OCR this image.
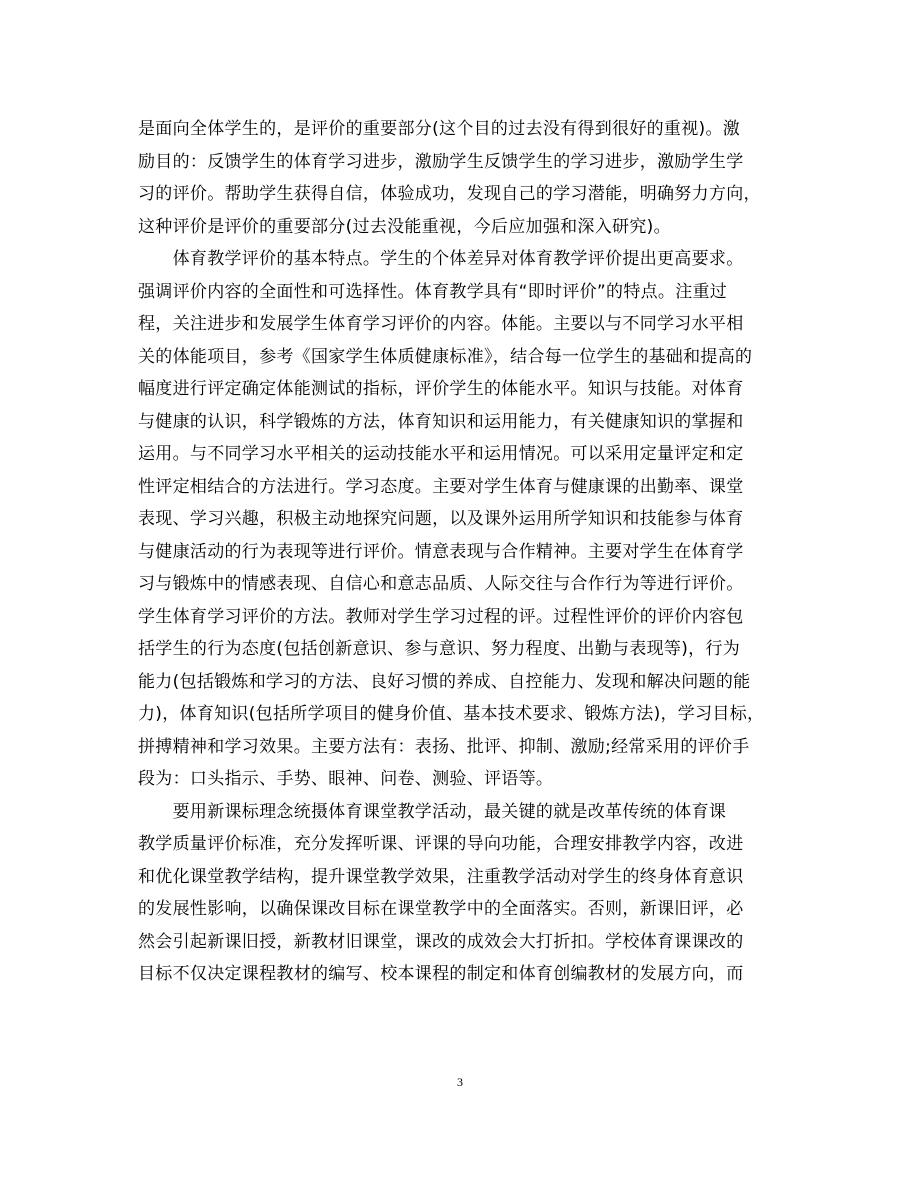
是面向全体学生的，是评价的重要部分(这个目的过去没有得到很好的重视)。激
励目的：反馈学生的体育学习进步，激励学生反馈学生的学习进步，激励学生学
习的评价。帮助学生获得自信，体验成功，发现自己的学习潜能，明确努力方向，
这种评价是评价的重要部分(过去没能重视，今后应加强和深入研究)。
　　体育教学评价的基本特点。学生的个体差异对体育教学评价提出更高要求。
强调评价内容的全面性和可选择性。体育教学具有“即时评价”的特点。注重过
程，关注进步和发展学生体育学习评价的内容。体能。主要以与不同学习水平相
关的体能项目，参考《国家学生体质健康标准》，结合每一位学生的基础和提高的
幅度进行评定确定体能测试的指标，评价学生的体能水平。知识与技能。对体育
与健康的认识，科学锻炼的方法，体育知识和运用能力，有关健康知识的掌握和
运用。与不同学习水平相关的运动技能水平和运用情况。可以采用定量评定和定
性评定相结合的方法进行。学习态度。主要对学生体育与健康课的出勤率、课堂
表现、学习兴趣，积极主动地探究问题，以及课外运用所学知识和技能参与体育
与健康活动的行为表现等进行评价。情意表现与合作精神。主要对学生在体育学
习与锻炼中的情感表现、自信心和意志品质、人际交往与合作行为等进行评价。
学生体育学习评价的方法。教师对学生学习过程的评。过程性评价的评价内容包
括学生的行为态度(包括创新意识、参与意识、努力程度、出勤与表现等)，行为
能力(包括锻炼和学习的方法、良好习惯的养成、自控能力、发现和解决问题的能
力)，体育知识(包括所学项目的健身价值、基本技术要求、锻炼方法)，学习目标，
拼搏精神和学习效果。主要方法有：表扬、批评、抑制、激励;经常采用的评价手
段为：口头指示、手势、眼神、问卷、测验、评语等。
　　要用新课标理念统摄体育课堂教学活动，最关键的就是改革传统的体育课
教学质量评价标准，充分发挥听课、评课的导向功能，合理安排教学内容，改进
和优化课堂教学结构，提升课堂教学效果，注重教学活动对学生的终身体育意识
的发展性影响，以确保课改目标在课堂教学中的全面落实。否则，新课旧评，必
然会引起新课旧授，新教材旧课堂，课改的成效会大打折扣。学校体育课课改的
目标不仅决定课程教材的编写、校本课程的制定和体育创编教材的发展方向，而
3
